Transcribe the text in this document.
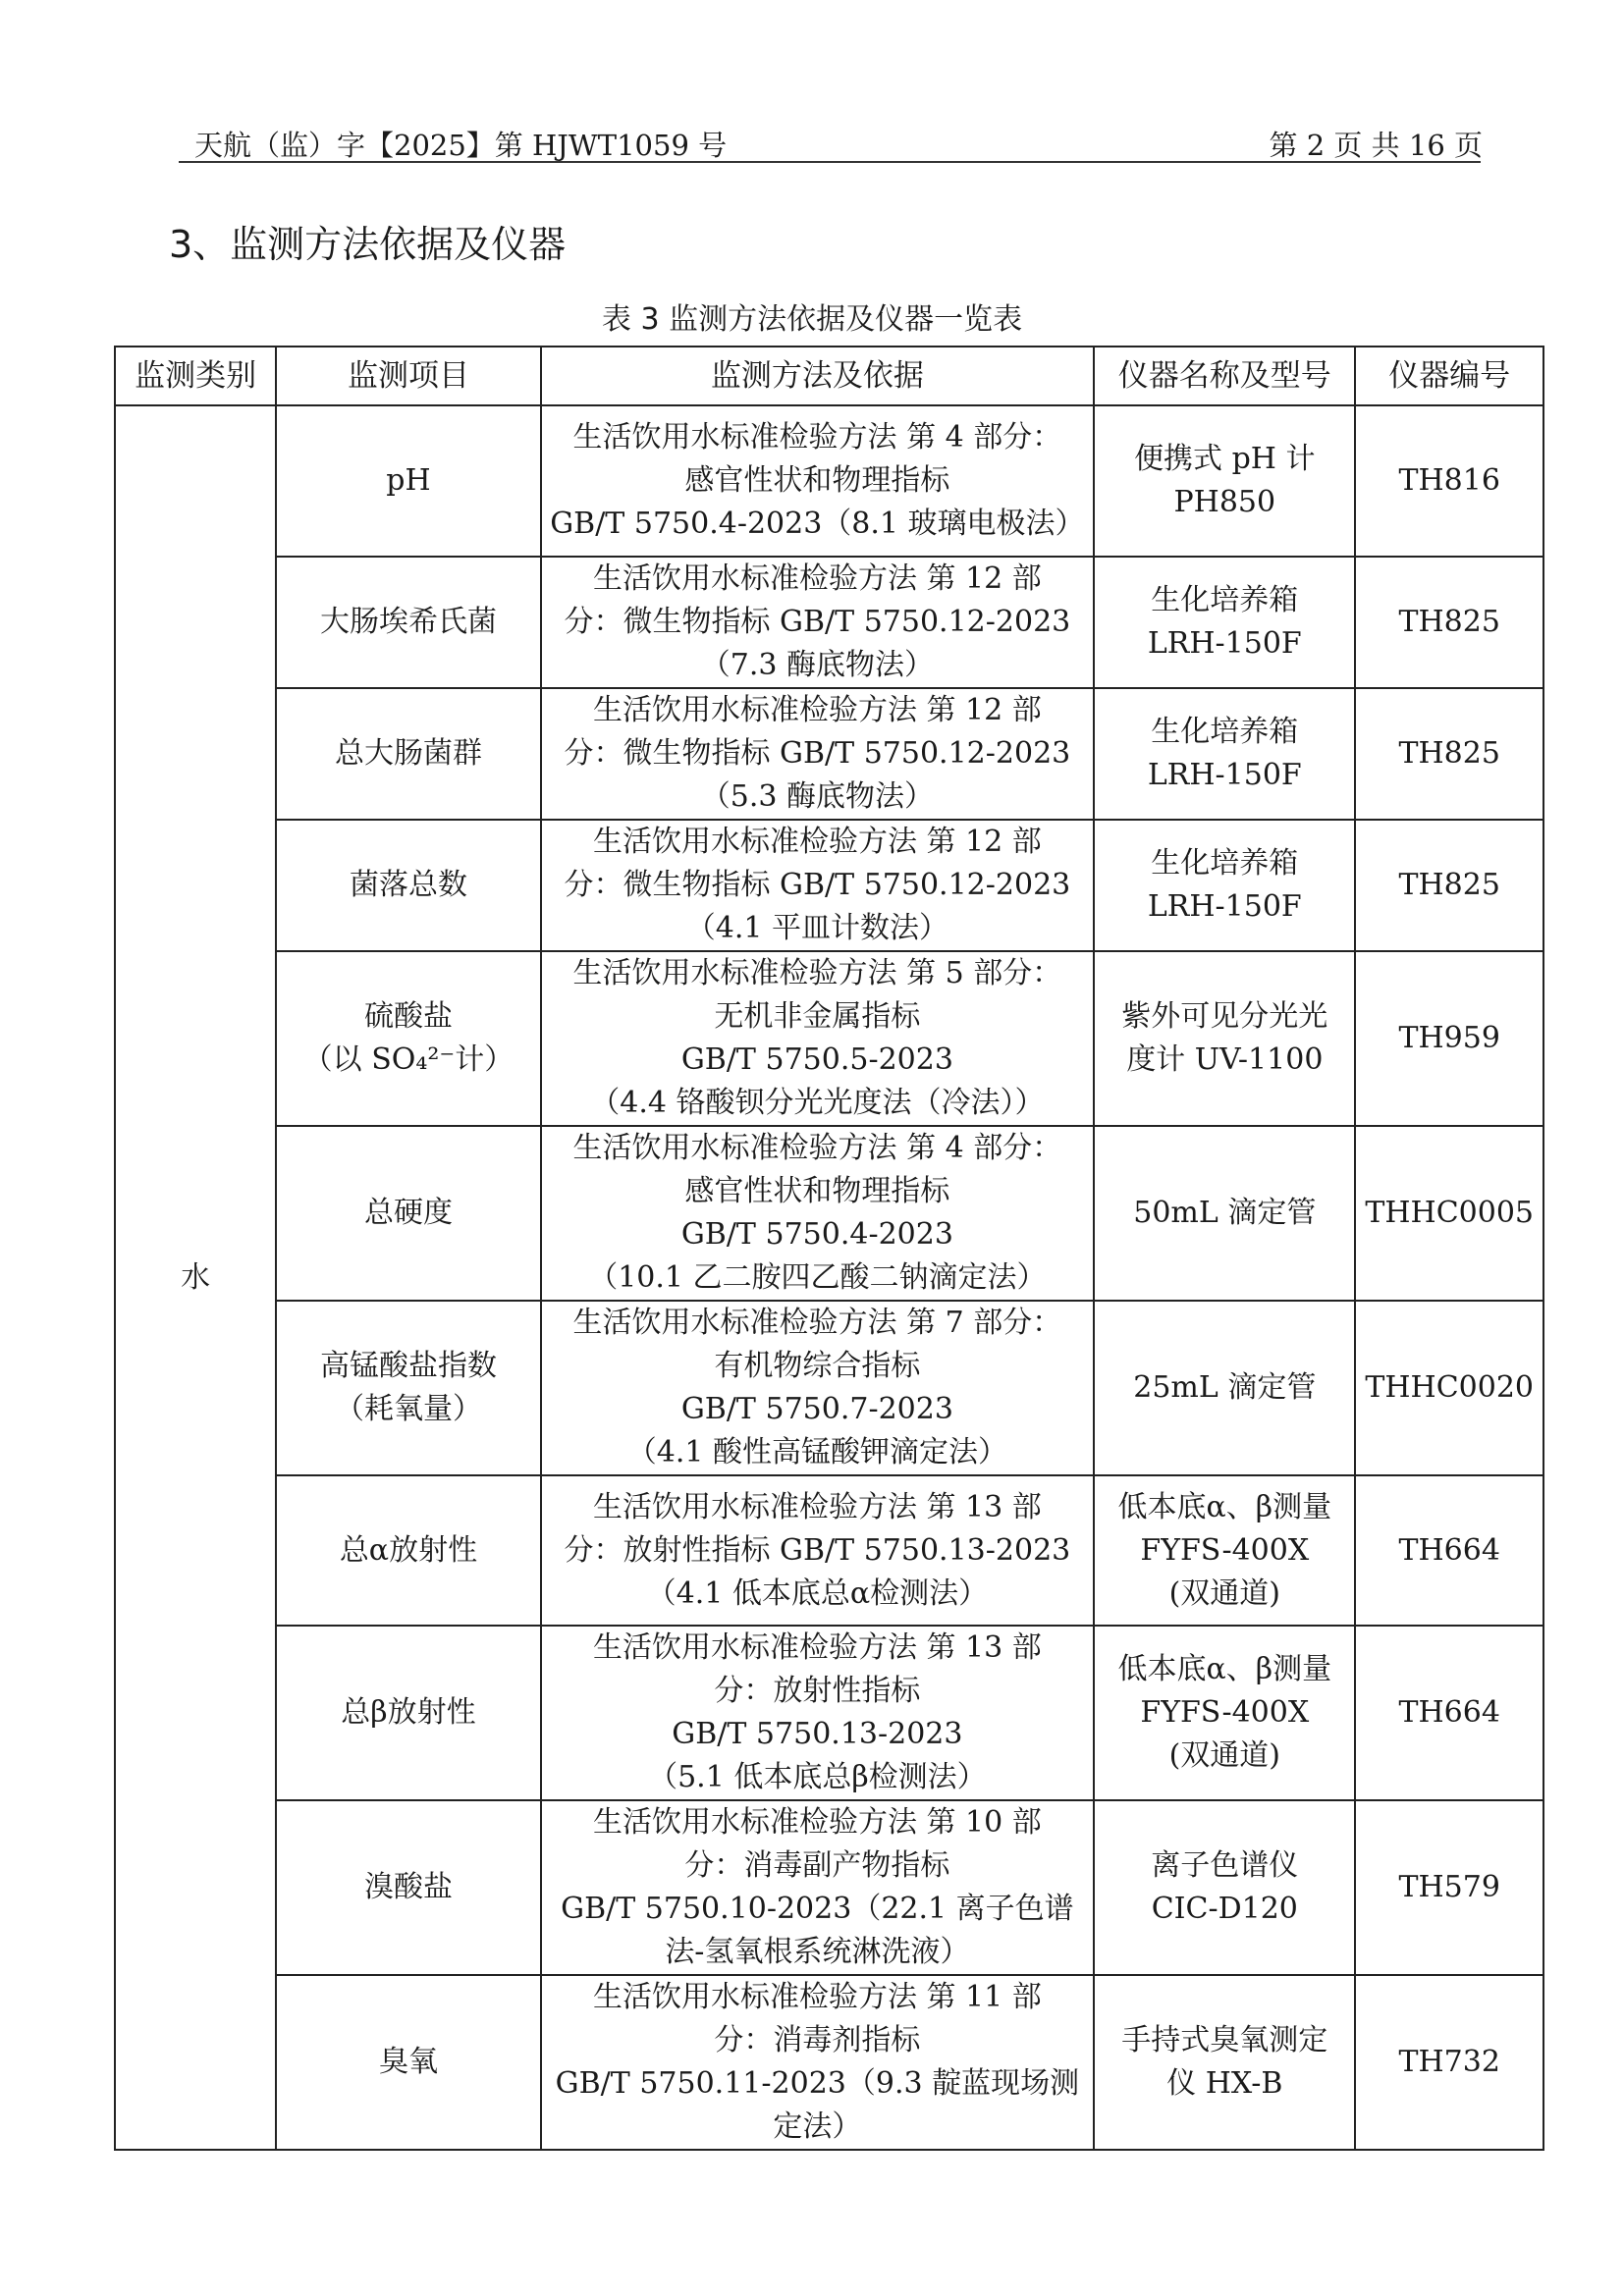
天航（监）字【2025】第 HJWT1059 号	第 2 页 共 16 页
3、监测方法依据及仪器
表 3 监测方法依据及仪器一览表
监测类别	监测项目	监测方法及依据	仪器名称及型号	仪器编号
水	pH	生活饮用水标准检验方法 第 4 部分：
感官性状和物理指标
GB/T 5750.4-2023（8.1 玻璃电极法）	便携式 pH 计
PH850	TH816

	大肠埃希氏菌	生活饮用水标准检验方法 第 12 部
分：微生物指标 GB/T 5750.12-2023
（7.3 酶底物法）	生化培养箱
LRH-150F	TH825

	总大肠菌群	生活饮用水标准检验方法 第 12 部
分：微生物指标 GB/T 5750.12-2023
（5.3 酶底物法）	生化培养箱
LRH-150F	TH825

	菌落总数	生活饮用水标准检验方法 第 12 部
分：微生物指标 GB/T 5750.12-2023
（4.1 平皿计数法）	生化培养箱
LRH-150F	TH825

	硫酸盐
（以 SO₄²⁻计）	生活饮用水标准检验方法 第 5 部分：
无机非金属指标
GB/T 5750.5-2023
（4.4 铬酸钡分光光度法（冷法））	紫外可见分光光
度计 UV-1100	TH959

	总硬度	生活饮用水标准检验方法 第 4 部分：
感官性状和物理指标
GB/T 5750.4-2023
（10.1 乙二胺四乙酸二钠滴定法）	50mL 滴定管	THHC0005

	高锰酸盐指数
（耗氧量）	生活饮用水标准检验方法 第 7 部分：
有机物综合指标
GB/T 5750.7-2023
（4.1 酸性高锰酸钾滴定法）	25mL 滴定管	THHC0020

	总α放射性	生活饮用水标准检验方法 第 13 部
分：放射性指标 GB/T 5750.13-2023
（4.1 低本底总α检测法）	低本底α、β测量
FYFS-400X
(双通道)	TH664

	总β放射性	生活饮用水标准检验方法 第 13 部
分：放射性指标
GB/T 5750.13-2023
（5.1 低本底总β检测法）	低本底α、β测量
FYFS-400X
(双通道)	TH664

	溴酸盐	生活饮用水标准检验方法 第 10 部
分：消毒副产物指标
GB/T 5750.10-2023（22.1 离子色谱
法-氢氧根系统淋洗液）	离子色谱仪
CIC-D120	TH579

	臭氧	生活饮用水标准检验方法 第 11 部
分：消毒剂指标
GB/T 5750.11-2023（9.3 靛蓝现场测
定法）	手持式臭氧测定
仪 HX-B	TH732
